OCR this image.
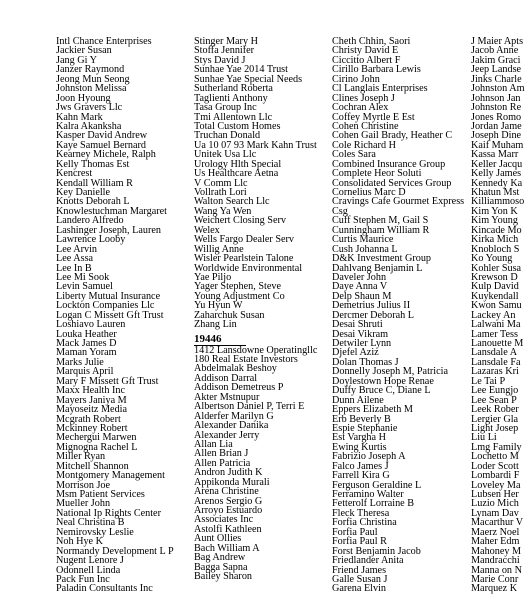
Intl Chance Enterprises
Jackier Susan
Jang Gi Y
Janzer Raymond
Jeong Mun Seong
Johnston Melissa
Joon Hyoung
Jws Gravers Llc
Kahn Mark
Kalra Akanksha
Kasper David Andrew
Kaye Samuel Bernard
Kearney Michele, Ralph
Kelly Thomas Est
Kencrest
Kendall William R
Key Danielle
Knotts Deborah L
Knowlestuchman Margaret
Landero Alfredo
Lashinger Joseph, Lauren
Lawrence Looby
Lee Arvin
Lee Assa
Lee In B
Lee Mi Sook
Levin Samuel
Liberty Mutual Insurance
Lockton Companies Llc
Logan C Missett Gft Trust
Loshiavo Lauren
Louka Heather
Mack James D
Maman Yoram
Marks Julie
Marquis April
Mary F Missett Gft Trust
Maxx Health Inc
Mayers Janiya M
Mayoseitz Media
Mcgrath Robert
Mckinney Robert
Mechergui Marwen
Mignogna Rachel L
Miller Ryan
Mitchell Shannon
Montgomery Management
Morrison Joe
Msm Patient Services
Mueller John
National Ip Rights Center
Neal Christina B
Nemirovsky Leslie
Noh Hye K
Normandy Development L P
Nugent Lenore J
Odonnell Linda
Pack Fun Inc
Paladin Consultants Inc
Stinger Mary H
Stoffa Jennifer
Stys David J
Sunhae Yae 2014 Trust
Sunhae Yae Special Needs
Sutherland Roberta
Taglienti Anthony
Tasa Group Inc
Tmi Allentown Llc
Total Custom Homes
Truchan Donald
Ua 10 07 93 Mark Kahn Trust
Unitek Usa Llc
Urology Hlth Special
Us Healthcare Aetna
V Comm Llc
Vollrath Lori
Walton Search Llc
Wang Ya Wen
Weichert Closing Serv
Welex
Wells Fargo Dealer Serv
Willig Anne
Wisler Pearlstein Talone
Worldwide Environmental
Yae Piljo
Yager Stephen, Steve
Young Adjustment Co
Yu Hyun W
Zaharchuk Susan
Zhang Lin
19446
1412 Lansdowne Operatingllc
180 Real Estate Investors
Abdelmalak Beshoy
Addison Darral
Addison Demetreus P
Akter Mstnupur
Albertson Daniel P, Terri E
Alderfer Marilyn G
Alexander Danika
Alexander Jerry
Allan Lia
Allen Brian J
Allen Patricia
Andron Judith K
Appikonda Murali
Arena Christine
Arenos Sergio G
Arroyo Estuardo
Associates Inc
Astolfi Kathleen
Aunt Ollies
Bach William A
Bag Andrew
Bagga Sapna
Bailey Sharon
Cheth Chhin, Saori
Christy David E
Ciccitto Albert F
Cirillo Barbara Lewis
Cirino John
Cl Langlais Enterprises
Clines Joseph J
Cochran Alex
Coffey Myrtle E Est
Cohen Christine
Cohen Gail Brady, Heather C
Cole Richard H
Coles Sara
Combined Insurance Group
Complete Heor Soluti
Consolidated Services Group
Cornelius Marc D
Cravings Cafe Gourmet Express
Csg
Cuff Stephen M, Gail S
Cunningham William R
Curtis Maurice
Cush Johanna L
D&K Investment Group
Dahlvang Benjamin L
Daveler John
Daye Anna V
Delp Shaun M
Demetrius Julius II
Dercmer Deborah L
Desai Shruti
Desai Vikram
Detwiler Lynn
Djefel Aziz
Dolan Thomas J
Donnelly Joseph M, Patricia
Doylestown Hope Renae
Duffy Bruce C, Diane L
Dunn Ailene
Eppers Elizabeth M
Erb Beverly B
Espie Stephanie
Est Vargha H
Ewing Kurtis
Fabrizio Joseph A
Falco James J
Farrell Kira G
Ferguson Geraldine L
Ferramino Walter
Fetterolf Lorraine B
Fleck Theresa
Forfia Christina
Forfia Paul
Forfia Paul R
Forst Benjamin Jacob
Friedlander Anita
Friend James
Galle Susan J
Garena Elvin
J Maier Apts
Jacob Anne
Jakim Graci
Jeep Landse
Jinks Charle
Johnston Am
Johnson Jan
Johnston Re
Jones Romo
Jordan Jame
Joseph Dine
Kaif Muham
Kassa Marr
Keller Jacqu
Kelly James
Kennedy Ka
Khatun Mst
Killiammoso
Kim Yon K
Kim Young
Kincade Mo
Kirka Mich
Knobloch S
Ko Young
Kohler Susa
Krewson D
Kulp David
Kuykendall
Kwon Samu
Lackey An
Lalwani Ma
Lamer Tess
Lanouette M
Lansdale A
Lansdale Fa
Lazaras Kri
Le Tai P
Lee Eungjo
Lee Sean P
Leek Rober
Lergier Gla
Light Josep
Liu Li
Lmg Family
Lochetto M
Loder Scott
Lombardi F
Loveley Ma
Lubsen Her
Luzio Mich
Lynam Dav
Macarthur V
Maerz Noel
Maher Edm
Mahoney M
Mandracchi
Manna on N
Marie Conr
Marquez K
